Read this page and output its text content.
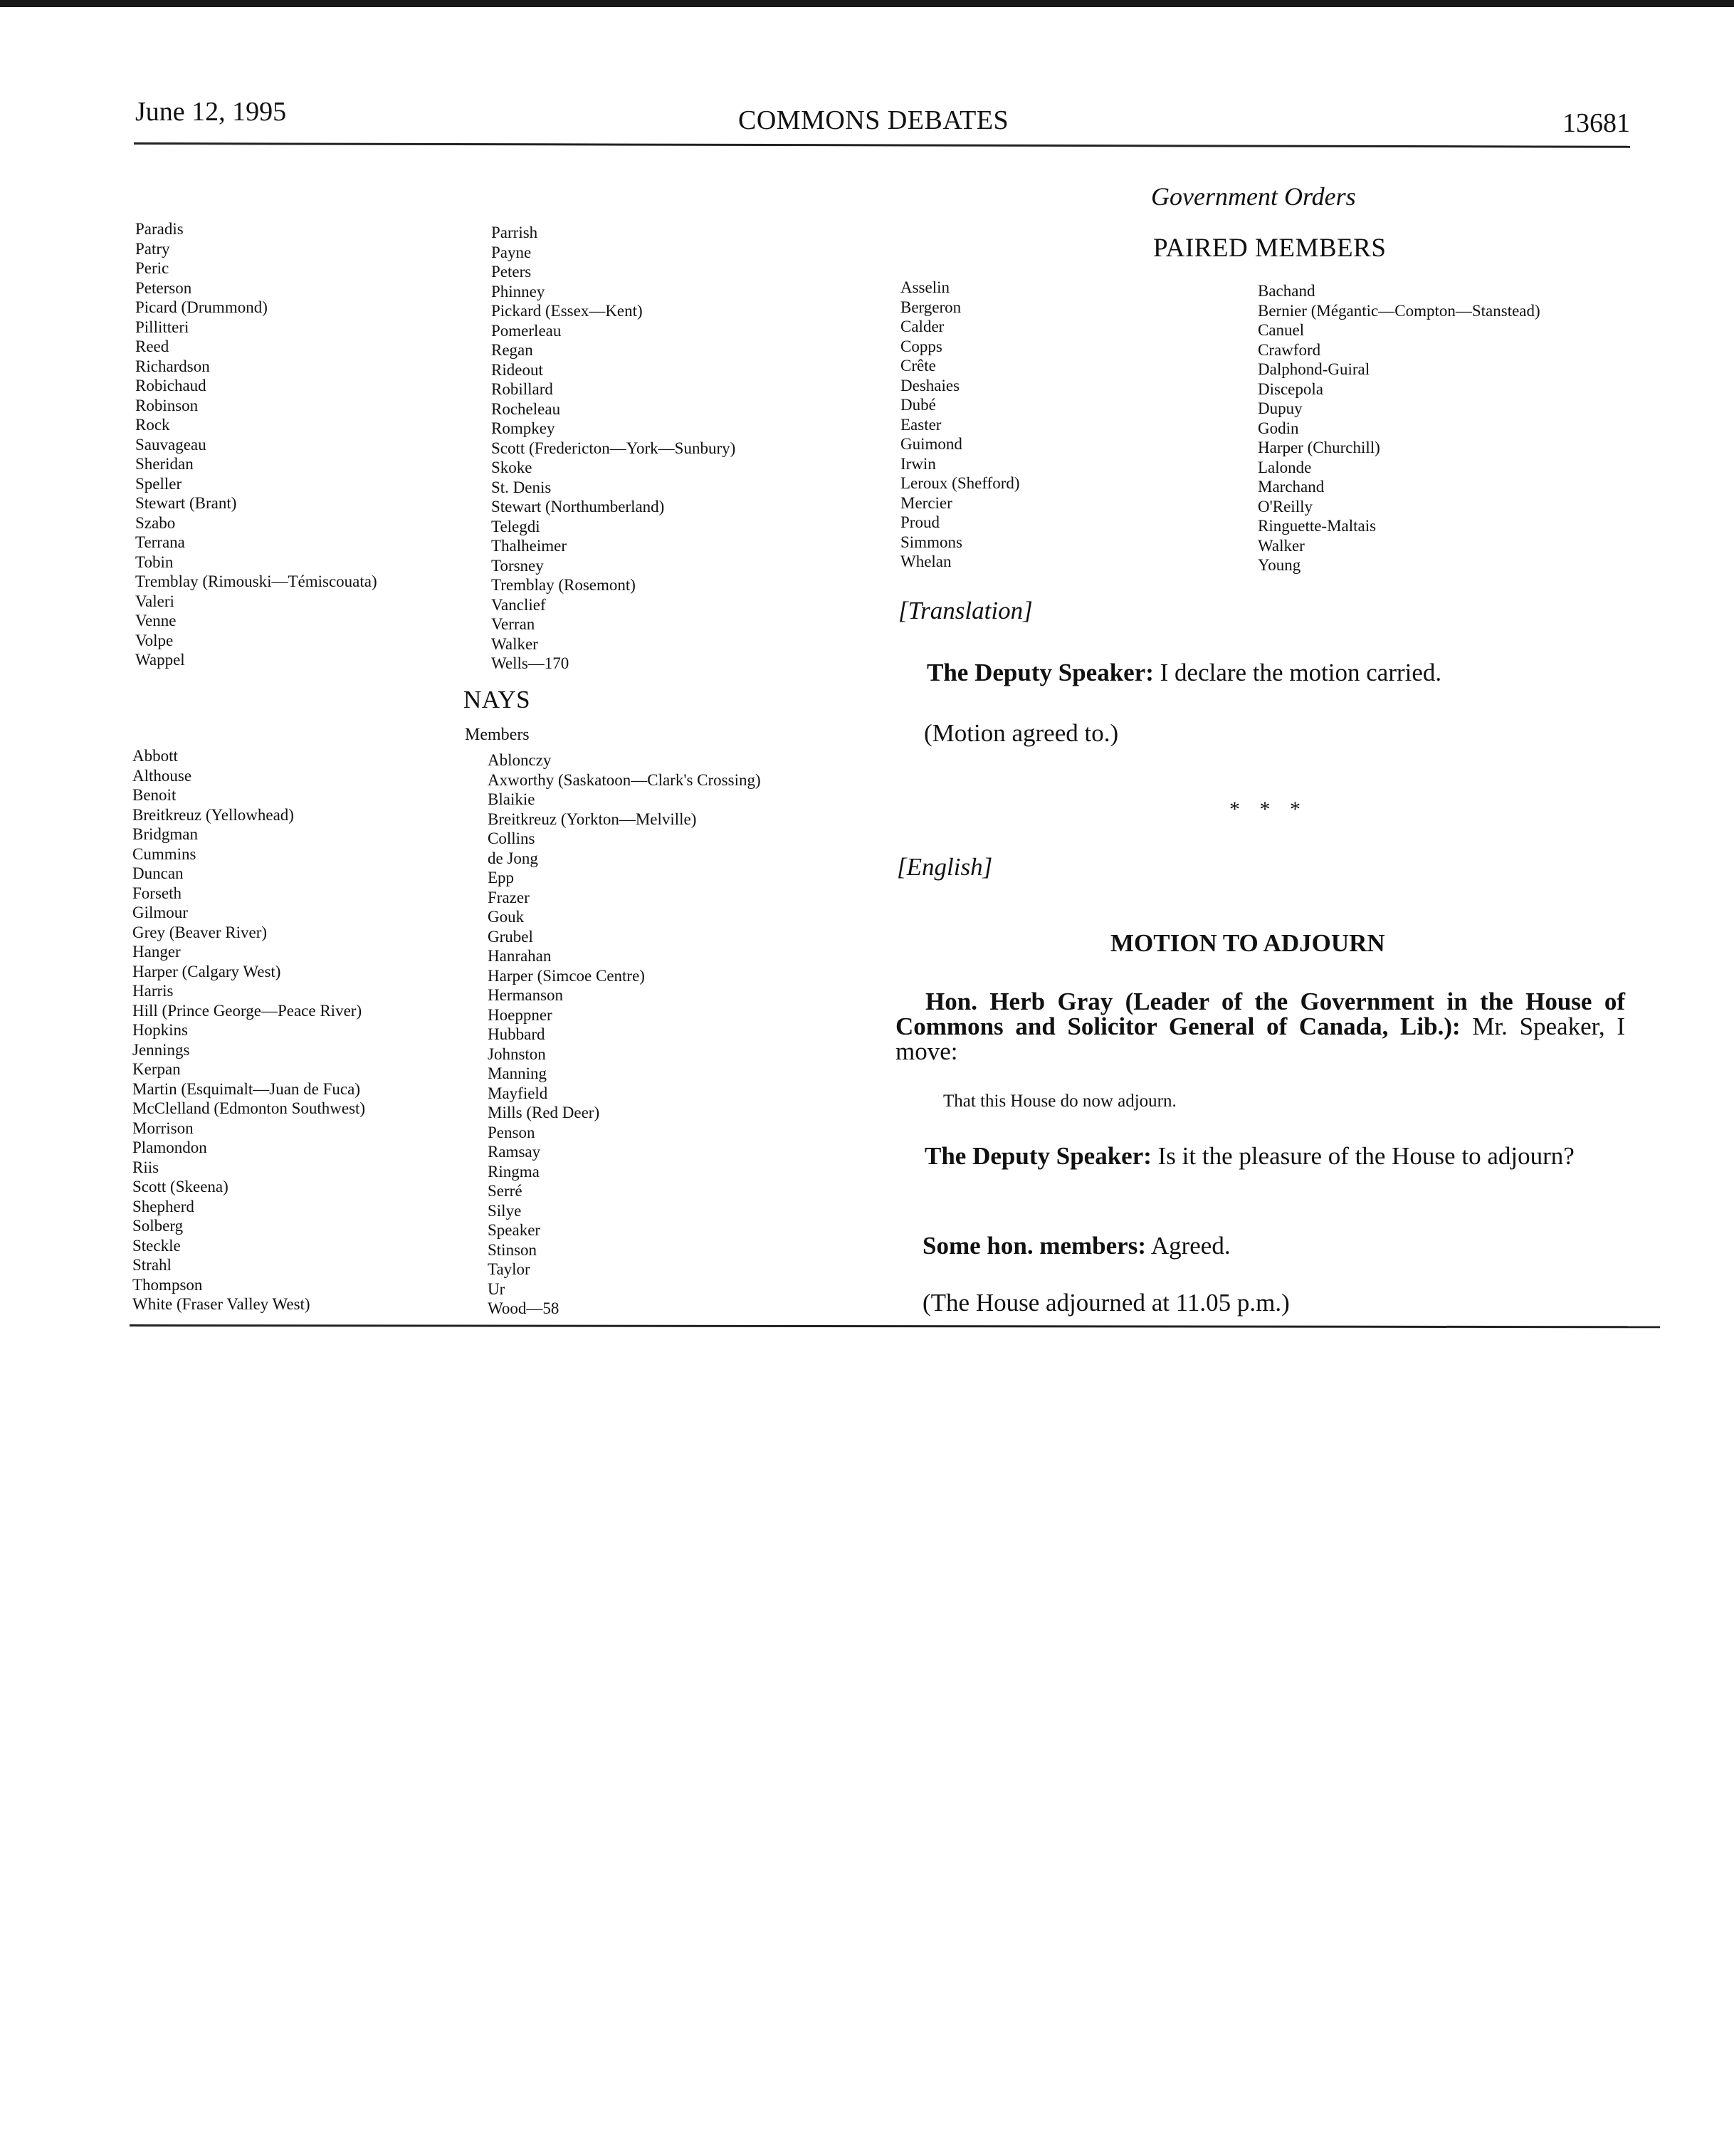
June 12, 1995	COMMONS DEBATES	13681
Paradis
Patry
Peric
Peterson
Picard (Drummond)
Pillitteri
Reed
Richardson
Robichaud
Robinson
Rock
Sauvageau
Sheridan
Speller
Stewart (Brant)
Szabo
Terrana
Tobin
Tremblay (Rimouski—Témiscouata)
Valeri
Venne
Volpe
Wappel
Parrish
Payne
Peters
Phinney
Pickard (Essex—Kent)
Pomerleau
Regan
Rideout
Robillard
Rocheleau
Rompkey
Scott (Fredericton—York—Sunbury)
Skoke
St. Denis
Stewart (Northumberland)
Telegdi
Thalheimer
Torsney
Tremblay (Rosemont)
Vanclief
Verran
Walker
Wells—170
NAYS
Members
Abbott
Althouse
Benoit
Breitkreuz (Yellowhead)
Bridgman
Cummins
Duncan
Forseth
Gilmour
Grey (Beaver River)
Hanger
Harper (Calgary West)
Harris
Hill (Prince George—Peace River)
Hopkins
Jennings
Kerpan
Martin (Esquimalt—Juan de Fuca)
McClelland (Edmonton Southwest)
Morrison
Plamondon
Riis
Scott (Skeena)
Shepherd
Solberg
Steckle
Strahl
Thompson
White (Fraser Valley West)
Ablonczy
Axworthy (Saskatoon—Clark's Crossing)
Blaikie
Breitkreuz (Yorkton—Melville)
Collins
de Jong
Epp
Frazer
Gouk
Grubel
Hanrahan
Harper (Simcoe Centre)
Hermanson
Hoeppner
Hubbard
Johnston
Manning
Mayfield
Mills (Red Deer)
Penson
Ramsay
Ringma
Serré
Silye
Speaker
Stinson
Taylor
Ur
Wood—58
Government Orders
PAIRED MEMBERS
Asselin
Bergeron
Calder
Copps
Crête
Deshaies
Dubé
Easter
Guimond
Irwin
Leroux (Shefford)
Mercier
Proud
Simmons
Whelan
Bachand
Bernier (Mégantic—Compton—Stanstead)
Canuel
Crawford
Dalphond-Guiral
Discepola
Dupuy
Godin
Harper (Churchill)
Lalonde
Marchand
O'Reilly
Ringuette-Maltais
Walker
Young
[Translation]
The Deputy Speaker: I declare the motion carried.
(Motion agreed to.)
* * *
[English]
MOTION TO ADJOURN
Hon. Herb Gray (Leader of the Government in the House of Commons and Solicitor General of Canada, Lib.): Mr. Speaker, I move:
That this House do now adjourn.
The Deputy Speaker: Is it the pleasure of the House to adjourn?
Some hon. members: Agreed.
(The House adjourned at 11.05 p.m.)
